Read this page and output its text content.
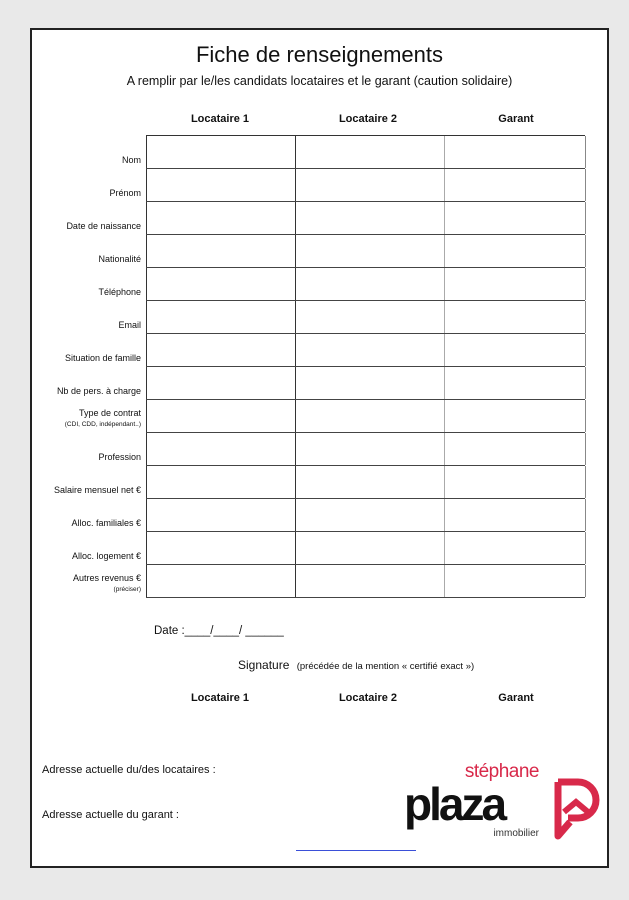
Fiche de renseignements
A remplir par le/les candidats locataires et le garant (caution solidaire)
Locataire 1	Locataire 2	Garant
Nom
Prénom
Date de naissance
Nationalité
Téléphone
Email
Situation de famille
Nb de pers. à charge
Type de contrat
(CDI, CDD, indépendant..)
Profession
Salaire mensuel net €
Alloc. familiales €
Alloc. logement €
Autres revenus €
(préciser)
Date :____/____/ ______
Signature (précédée de la mention « certifié exact »)
Locataire 1	Locataire 2	Garant
Adresse actuelle du/des locataires :
Adresse actuelle du garant :
stéphane
plaza
immobilier
